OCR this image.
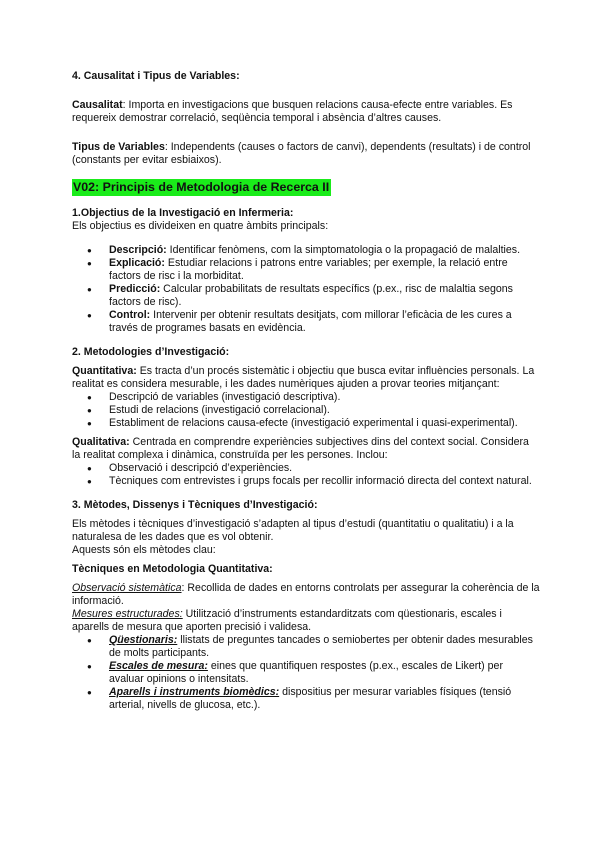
4. Causalitat i Tipus de Variables:

Causalitat: Importa en investigacions que busquen relacions causa-efecte entre variables. Es requereix demostrar correlació, seqüència temporal i absència d’altres causes.

Tipus de Variables: Independents (causes o factors de canvi), dependents (resultats) i de control (constants per evitar esbiaixos).

V02: Principis de Metodologia de Recerca II

1.Objectius de la Investigació en Infermeria:

Els objectius es divideixen en quatre àmbits principals:

● Descripció: Identificar fenòmens, com la simptomatologia o la propagació de malalties.
● Explicació: Estudiar relacions i patrons entre variables; per exemple, la relació entre factors de risc i la morbiditat.
● Predicció: Calcular probabilitats de resultats específics (p.ex., risc de malaltia segons factors de risc).
● Control: Intervenir per obtenir resultats desitjats, com millorar l’eficàcia de les cures a través de programes basats en evidència.

2. Metodologies d’Investigació:

Quantitativa: Es tracta d’un procés sistemàtic i objectiu que busca evitar influències personals. La realitat es considera mesurable, i les dades numèriques ajuden a provar teories mitjançant:

● Descripció de variables (investigació descriptiva).
● Estudi de relacions (investigació correlacional).
● Establiment de relacions causa-efecte (investigació experimental i quasi-experimental).

Qualitativa: Centrada en comprendre experiències subjectives dins del context social. Considera la realitat complexa i dinàmica, construïda per les persones. Inclou:

● Observació i descripció d’experiències.
● Tècniques com entrevistes i grups focals per recollir informació directa del context natural.

3. Mètodes, Dissenys i Tècniques d’Investigació:

Els mètodes i tècniques d’investigació s’adapten al tipus d’estudi (quantitatiu o qualitatiu) i a la naturalesa de les dades que es vol obtenir.

Aquests són els mètodes clau:

Tècniques en Metodologia Quantitativa:

Observació sistemàtica: Recollida de dades en entorns controlats per assegurar la coherència de la informació.

Mesures estructurades: Utilització d’instruments estandarditzats com qüestionaris, escales i aparells de mesura que aporten precisió i validesa.

● Qüestionaris: llistats de preguntes tancades o semiobertes per obtenir dades mesurables de molts participants.
● Escales de mesura: eines que quantifiquen respostes (p.ex., escales de Likert) per avaluar opinions o intensitats.
● Aparells i instruments biomèdics: dispositius per mesurar variables físiques (tensió arterial, nivells de glucosa, etc.).
